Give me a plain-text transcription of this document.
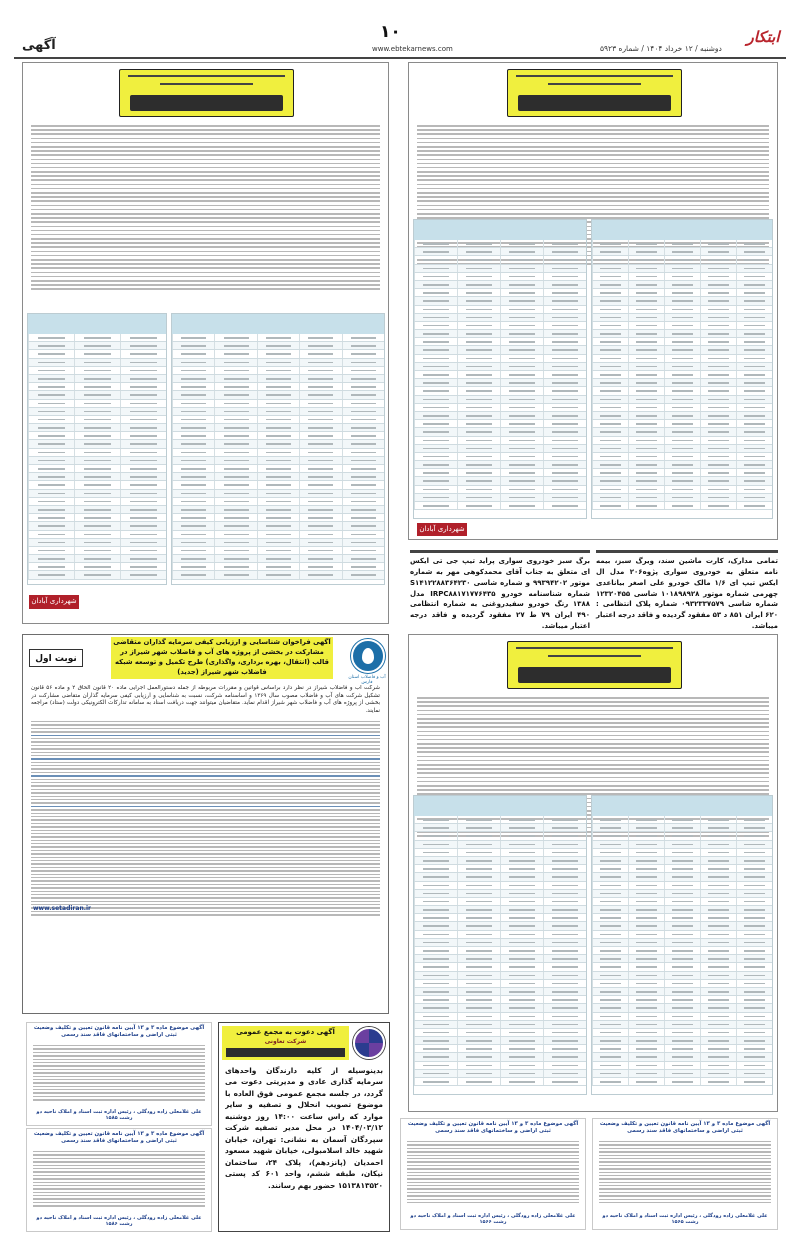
آگهی	www.ebtekarnews.com
۱۰
دوشنبه / ۱۲ خرداد ۱۴۰۴ / شماره ۵۹۲۳
ابتکار
شهرداری آبادان
شهرداری آبادان
تمامی مدارک، کارت ماشین سند، ویرگ سبز، بیمه نامه متعلق به خودروی سواری پژوه۲۰۶ مدل ال ایکس تیپ ای ۱/۶ مالک خودرو علی اصغر بیاناعدی چهرمی شماره موتور ۱۰۱۸۹۸۹۲۸ شاسی ۱۲۳۲۰۴۵۵ شماره شاسی ۰۹۳۲۳۳۷۵۷۹ شماره پلاک انتظامی : ۶۲۰ ایران ۸۵۱ د ۵۳ مفقود گردیده و فاقد درجه اعتبار میباشد.
برگ سبز خودروی سواری پراید تیپ جی تی ایکس ای متعلق به جناب آقای محمدکوهی مهر به شماره موتور ۹۹۳۹۴۲۰۲ و شماره شاسی S۱۴۱۲۲۸۸۳۶۴۲۳۰ شماره شناسنامه خودرو IRPC۸۸۱۷۱۷۷۶۴۳۵ مدل ۱۳۸۸ رنگ خودرو سفیدروغنی به شماره انتظامی ۴۹۰ ایران ۷۹ ط ۲۷ مفقود گردیده و فاقد درجه اعتبار میباشد.
آگهی فراخوان شناسایی و ارزیابی کیفی سرمایه گذاران متقاضی مشارکت در بخشی از پروژه های آب و فاضلاب شهر شیراز در قالب (انتقال، بهره برداری، واگذاری) طرح تکمیل و توسعه شبکه فاضلاب شهر شیراز (جدید)
آب و فاضلاب استان فارس
نوبت اول
شرکت آب و فاضلاب شیراز در نظر دارد براساس قوانین و مقررات مربوطه از جمله دستورالعمل اجرایی ماده ۲۰ قانون الحاق ۲ و ماده ۵۶ قانون تشکیل شرکت های آب و فاضلاب مصوب سال ۱۳۶۹ و اساسنامه شرکت، نسبت به شناسایی و ارزیابی کیفی سرمایه گذاران متقاضی مشارکت در بخشی از پروژه های آب و فاضلاب شهر شیراز اقدام نماید. متقاضیان میتوانند جهت دریافت اسناد به سامانه تدارکات الکترونیکی دولت (ستاد) مراجعه نمایند.
www.setadiran.ir
آگهی موضوع ماده ۳ و ۱۳ آیین نامه قانون تعیین و تکلیف وضعیت ثبتی اراضی و ساختمانهای فاقد سند رسمی
علی غلامعلی زاده رودگلی ، رئیس اداره ثبت اسناد و املاک ناحیه دو رشت ۱۵۸۵
آگهی موضوع ماده ۳ و ۱۳ آیین نامه قانون تعیین و تکلیف وضعیت ثبتی اراضی و ساختمانهای فاقد سند رسمی
علی غلامعلی زاده رودگلی ، رئیس اداره ثبت اسناد و املاک ناحیه دو رشت ۱۵۸۶
آگهی دعوت به مجمع عمومی
شرکت تعاونی
بدینوسیله از کلیه دارندگان واحدهای سرمایه گذاری عادی و مدیریتی دعوت می گردد، در جلسه مجمع عمومی فوق العاده با موضوع تصویب انحلال و تصفیه و سایر موارد که راس ساعت ۱۴:۰۰ روز دوشنبه ۱۴۰۴/۰۳/۱۲ در محل مدیر تصفیه شرکت سپردگان آسمان به نشانی: تهران، خیابان شهید خالد اسلامبولی، خیابان شهید مسعود احمدیان (پانزدهم)، پلاک ۲۴، ساختمان نیکان، طبقه ششم، واحد ۶۰۱ کد پستی ۱۵۱۳۸۱۳۵۲۰ حضور بهم رسانند.
آگهی موضوع ماده ۳ و ۱۳ آیین نامه قانون تعیین و تکلیف وضعیت ثبتی اراضی و ساختمانهای فاقد سند رسمی
علی غلامعلی زاده رودگلی ، رئیس اداره ثبت اسناد و املاک ناحیه دو رشت ۱۵۶۶
آگهی موضوع ماده ۳ و ۱۳ آیین نامه قانون تعیین و تکلیف وضعیت ثبتی اراضی و ساختمانهای فاقد سند رسمی
علی غلامعلی زاده رودگلی ، رئیس اداره ثبت اسناد و املاک ناحیه دو رشت ۱۵۶۵
